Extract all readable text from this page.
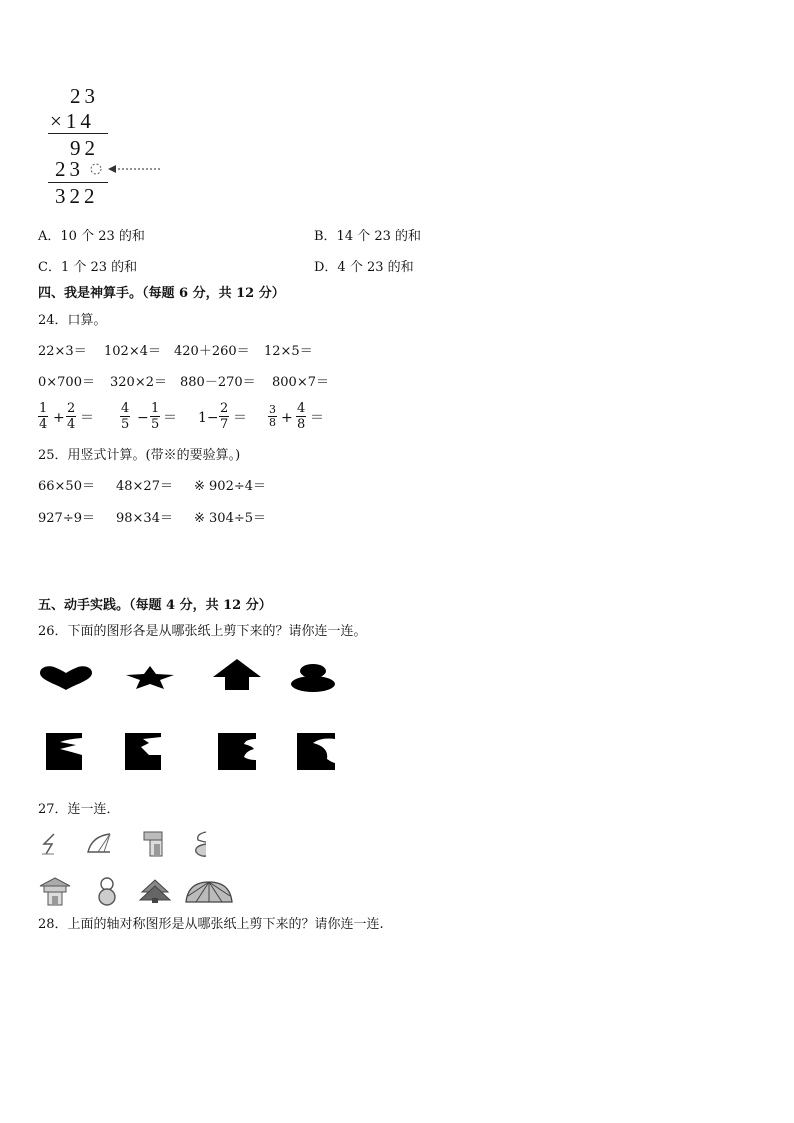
23
×14
92
23
322
A．10 个 23 的和	B．14 个 23 的和
C．1 个 23 的和	D．4 个 23 的和
四、我是神算手。（每题 6 分，共 12 分）
24．口算。
22×3＝ 102×4＝ 420＋260＝ 12×5＝
0×700＝ 320×2＝ 880－270＝ 800×7＝
$\frac{1}{4} + \frac{2}{4} = \frac{4}{5} - \frac{1}{5} = 1- \frac{2}{7} = \frac{3}{8} + \frac{4}{8}$ ＝
25．用竖式计算。(带※的要验算。)
66×50＝ 48×27＝ ※ 902÷4＝
927÷9＝ 98×34＝ ※ 304÷5＝
五、动手实践。（每题 4 分，共 12 分）
26．下面的图形各是从哪张纸上剪下来的？请你连一连。
27．连一连．
28．上面的轴对称图形是从哪张纸上剪下来的？请你连一连.
